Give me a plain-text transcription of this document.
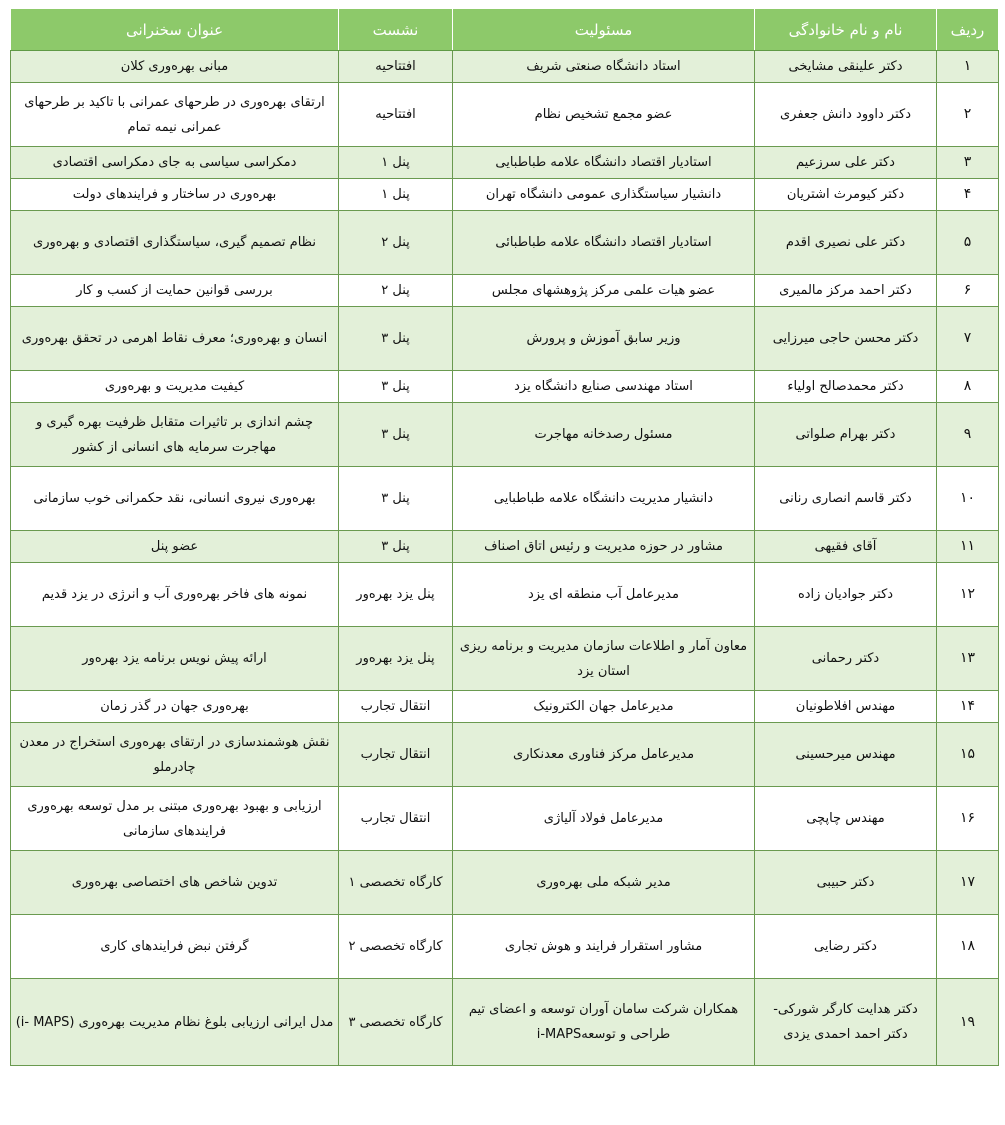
ردیف	نام و نام خانوادگی	مسئولیت	نشست	عنوان سخنرانی
۱	دکتر علینقی مشایخی	استاد دانشگاه صنعتی شریف	افتتاحیه	مبانی بهره‌وری کلان
۲	دکتر داوود دانش جعفری	عضو مجمع تشخیص نظام	افتتاحیه	ارتقای بهره‌وری در طرحهای عمرانی با تاکید بر طرحهای عمرانی نیمه تمام
۳	دکتر علی سرزعیم	استادیار اقتصاد دانشگاه علامه طباطبایی	پنل ۱	دمکراسی سیاسی به جای دمکراسی اقتصادی
۴	دکتر کیومرث اشتریان	دانشیار سیاستگذاری عمومی دانشگاه تهران	پنل ۱	بهره‌وری در ساختار و فرایندهای دولت
۵	دکتر علی نصیری اقدم	استادیار اقتصاد دانشگاه علامه طباطبائی	پنل ۲	نظام تصمیم گیری، سیاستگذاری اقتصادی و بهره‌وری
۶	دکتر احمد مرکز مالمیری	عضو هیات علمی مرکز پژوهشهای مجلس	پنل ۲	بررسی قوانین حمایت از کسب و کار
۷	دکتر محسن حاجی میرزایی	وزیر سابق آموزش و پرورش	پنل ۳	انسان و بهره‌وری؛ معرف نقاط اهرمی در تحقق بهره‌وری
۸	دکتر محمدصالح اولیاء	استاد مهندسی صنایع دانشگاه یزد	پنل ۳	کیفیت مدیریت و بهره‌وری
۹	دکتر بهرام صلواتی	مسئول رصدخانه مهاجرت	پنل ۳	چشم اندازی بر تاثیرات متقابل ظرفیت بهره گیری و مهاجرت سرمایه های انسانی از کشور
۱۰	دکتر قاسم انصاری رنانی	دانشیار مدیریت دانشگاه علامه طباطبایی	پنل ۳	بهره‌وری نیروی انسانی، نقد حکمرانی خوب سازمانی
۱۱	آقای فقیهی	مشاور در حوزه مدیریت و رئیس اتاق اصناف	پنل ۳	عضو پنل
۱۲	دکتر جوادیان زاده	مدیرعامل آب منطقه ای یزد	پنل یزد بهره‌ور	نمونه های فاخر بهره‌وری آب و انرژی در یزد قدیم
۱۳	دکتر رحمانی	معاون آمار و اطلاعات سازمان مدیریت و برنامه ریزی استان یزد	پنل یزد بهره‌ور	ارائه پیش نویس برنامه یزد بهره‌ور
۱۴	مهندس افلاطونیان	مدیرعامل جهان الکترونیک	انتقال تجارب	بهره‌وری جهان در گذر زمان
۱۵	مهندس میرحسینی	مدیرعامل مرکز فناوری معدنکاری	انتقال تجارب	نقش هوشمندسازی در ارتقای بهره‌وری استخراج در معدن چادرملو
۱۶	مهندس چاپچی	مدیرعامل فولاد آلیاژی	انتقال تجارب	ارزیابی و بهبود بهره‌وری مبتنی بر مدل توسعه بهره‌وری فرایندهای سازمانی
۱۷	دکتر حبیبی	مدیر شبکه ملی بهره‌وری	کارگاه تخصصی ۱	تدوین شاخص های اختصاصی بهره‌وری
۱۸	دکتر رضایی	مشاور استقرار فرایند و هوش تجاری	کارگاه تخصصی ۲	گرفتن نبض فرایندهای کاری
۱۹	دکتر هدایت کارگر شورکی- دکتر احمد احمدی یزدی	همکاران شرکت سامان آوران توسعه و اعضای تیم طراحی و توسعهi-MAPS	کارگاه تخصصی ۳	مدل ایرانی ارزیابی بلوغ نظام مدیریت بهره‌وری (i- MAPS)
